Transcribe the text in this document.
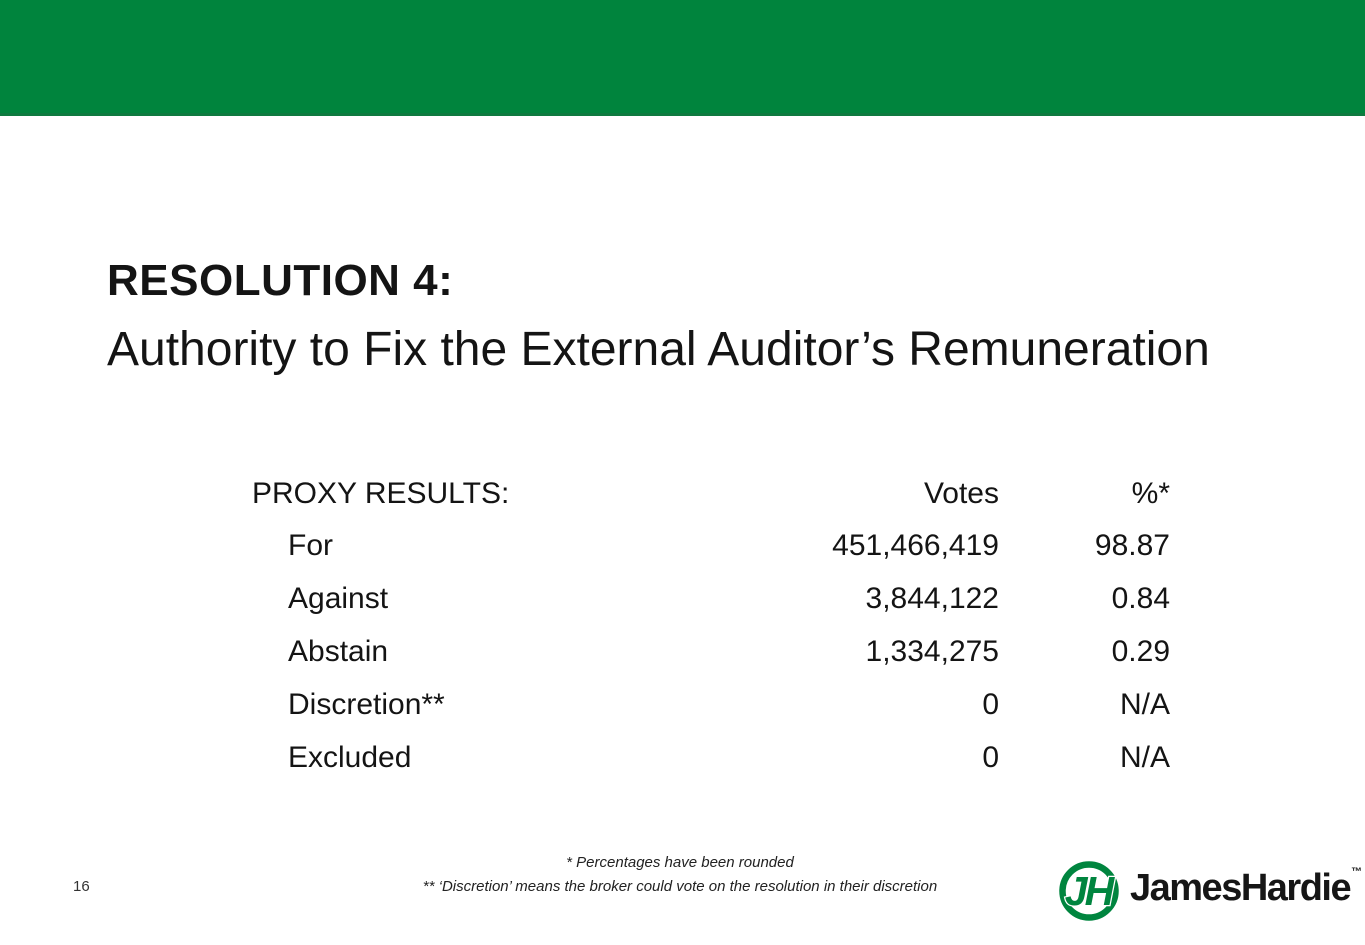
RESOLUTION 4:
Authority to Fix the External Auditor’s Remuneration
PROXY RESULTS:	Votes	%*
For	451,466,419	98.87
Against	3,844,122	0.84
Abstain	1,334,275	0.29
Discretion**	0	N/A
Excluded	0	N/A
* Percentages have been rounded
** ‘Discretion’ means the broker could vote on the resolution in their discretion
16	JH JamesHardie™
